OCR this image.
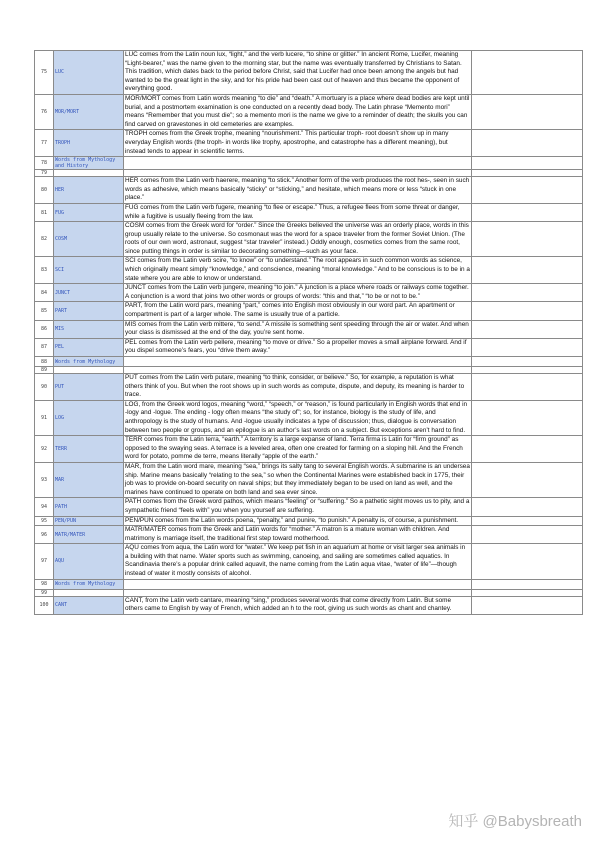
75	LUC	LUC comes from the Latin noun lux, “light,” and the verb lucere, “to shine or glitter.” In ancient Rome, Lucifer, meaning “Light-bearer,” was the name given to the morning star, but the name was eventually transferred by Christians to Satan. This tradition, which dates back to the period before Christ, said that Lucifer had once been among the angels but had wanted to be the great light in the sky, and for his pride had been cast out of heaven and thus became the opponent of everything good.	
76	MOR/MORT	MOR/MORT comes from Latin words meaning “to die” and “death.” A mortuary is a place where dead bodies are kept until burial, and a postmortem examination is one conducted on a recently dead body. The Latin phrase “Memento mori” means “Remember that you must die”; so a memento mori is the name we give to a reminder of death; the skulls you can find carved on gravestones in old cemeteries are examples.	
77	TROPH	TROPH comes from the Greek trophe, meaning “nourishment.” This particular troph- root doesn’t show up in many everyday English words (the troph- in words like trophy, apostrophe, and catastrophe has a different meaning), but instead tends to appear in scientific terms.	
78	Words from Mythology and History		
79			
80	HER	HER comes from the Latin verb haerere, meaning “to stick.” Another form of the verb produces the root hes-, seen in such words as adhesive, which means basically “sticky” or “sticking,” and hesitate, which means more or less “stuck in one place.”	
81	FUG	FUG comes from the Latin verb fugere, meaning “to flee or escape.” Thus, a refugee flees from some threat or danger, while a fugitive is usually fleeing from the law.	
82	COSM	COSM comes from the Greek word for “order.” Since the Greeks believed the universe was an orderly place, words in this group usually relate to the universe. So cosmonaut was the word for a space traveler from the former Soviet Union. (The roots of our own word, astronaut, suggest “star traveler” instead.) Oddly enough, cosmetics comes from the same root, since putting things in order is similar to decorating something—such as your face.	
83	SCI	SCI comes from the Latin verb scire, “to know” or “to understand.” The root appears in such common words as science, which originally meant simply “knowledge,” and conscience, meaning “moral knowledge.” And to be conscious is to be in a state where you are able to know or understand.	
84	JUNCT	JUNCT comes from the Latin verb jungere, meaning “to join.” A junction is a place where roads or railways come together. A conjunction is a word that joins two other words or groups of words: “this and that,” “to be or not to be.”	
85	PART	PART, from the Latin word pars, meaning “part,” comes into English most obviously in our word part. An apartment or compartment is part of a larger whole. The same is usually true of a particle.	
86	MIS	MIS comes from the Latin verb mittere, “to send.” A missile is something sent speeding through the air or water. And when your class is dismissed at the end of the day, you’re sent home.	
87	PEL	PEL comes from the Latin verb pellere, meaning “to move or drive.” So a propeller moves a small airplane forward. And if you dispel someone’s fears, you “drive them away.”	
88	Words from Mythology		
89			
90	PUT	PUT comes from the Latin verb putare, meaning “to think, consider, or believe.” So, for example, a reputation is what others think of you. But when the root shows up in such words as compute, dispute, and deputy, its meaning is harder to trace.	
91	LOG	LOG, from the Greek word logos, meaning “word,” “speech,” or “reason,” is found particularly in English words that end in -logy and -logue. The ending - logy often means “the study of”; so, for instance, biology is the study of life, and anthropology is the study of humans. And -logue usually indicates a type of discussion; thus, dialogue is conversation between two people or groups, and an epilogue is an author’s last words on a subject. But exceptions aren’t hard to find.	
92	TERR	TERR comes from the Latin terra, “earth.” A territory is a large expanse of land. Terra firma is Latin for “firm ground” as opposed to the swaying seas. A terrace is a leveled area, often one created for farming on a sloping hill. And the French word for potato, pomme de terre, means literally “apple of the earth.”	
93	MAR	MAR, from the Latin word mare, meaning “sea,” brings its salty tang to several English words. A submarine is an undersea ship. Marine means basically “relating to the sea,” so when the Continental Marines were established back in 1775, their job was to provide on-board security on naval ships; but they immediately began to be used on land as well, and the marines have continued to operate on both land and sea ever since.	
94	PATH	PATH comes from the Greek word pathos, which means “feeling” or “suffering.” So a pathetic sight moves us to pity, and a sympathetic friend “feels with” you when you yourself are suffering.	
95	PEN/PUN	PEN/PUN comes from the Latin words poena, “penalty,” and punire, “to punish.” A penalty is, of course, a punishment.	
96	MATR/MATER	MATR/MATER comes from the Greek and Latin words for “mother.” A matron is a mature woman with children. And matrimony is marriage itself, the traditional first step toward motherhood.	
97	AQU	AQU comes from aqua, the Latin word for “water.” We keep pet fish in an aquarium at home or visit larger sea animals in a building with that name. Water sports such as swimming, canoeing, and sailing are sometimes called aquatics. In Scandinavia there’s a popular drink called aquavit, the name coming from the Latin aqua vitae, “water of life”—though instead of water it mostly consists of alcohol.	
98	Words from Mythology		
99			
100	CANT	CANT, from the Latin verb cantare, meaning “sing,” produces several words that come directly from Latin. But some others came to English by way of French, which added an h to the root, giving us such words as chant and chantey.	
知乎 @Babysbreath
